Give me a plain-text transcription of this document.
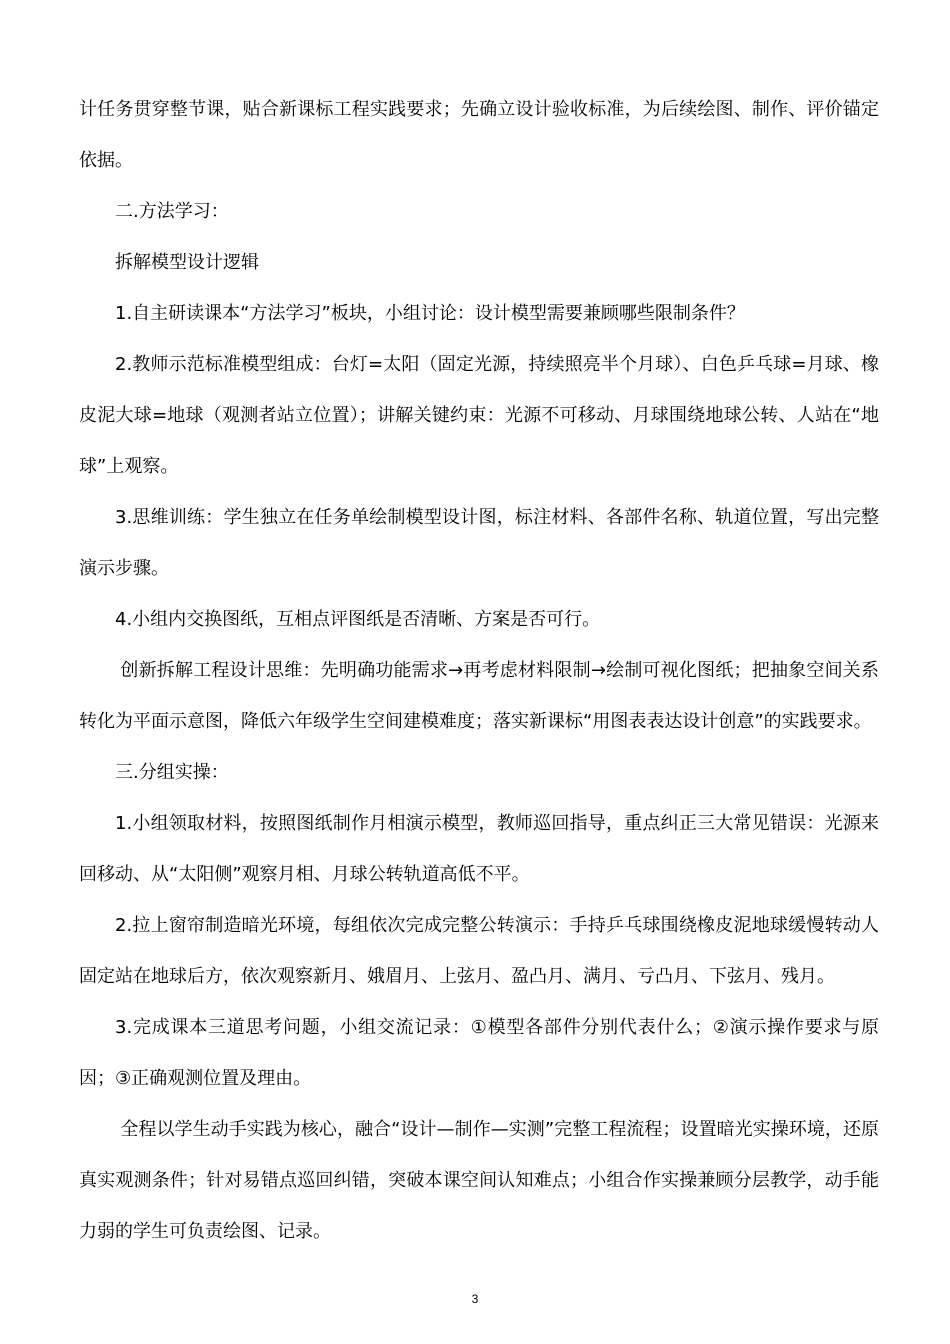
计任务贯穿整节课，贴合新课标工程实践要求；先确立设计验收标准，为后续绘图、制作、评价锚定依据。

二.方法学习：

拆解模型设计逻辑

1.自主研读课本“方法学习”板块，小组讨论：设计模型需要兼顾哪些限制条件？

2.教师示范标准模型组成：台灯=太阳（固定光源，持续照亮半个月球）、白色乒乓球=月球、橡皮泥大球=地球（观测者站立位置）；讲解关键约束：光源不可移动、月球围绕地球公转、人站在“地球”上观察。

3.思维训练：学生独立在任务单绘制模型设计图，标注材料、各部件名称、轨道位置，写出完整演示步骤。

4.小组内交换图纸，互相点评图纸是否清晰、方案是否可行。

创新拆解工程设计思维：先明确功能需求→再考虑材料限制→绘制可视化图纸；把抽象空间关系转化为平面示意图，降低六年级学生空间建模难度；落实新课标“用图表表达设计创意”的实践要求。

三.分组实操：

1.小组领取材料，按照图纸制作月相演示模型，教师巡回指导，重点纠正三大常见错误：光源来回移动、从“太阳侧”观察月相、月球公转轨道高低不平。

2.拉上窗帘制造暗光环境，每组依次完成完整公转演示：手持乒乓球围绕橡皮泥地球缓慢转动人固定站在地球后方，依次观察新月、娥眉月、上弦月、盈凸月、满月、亏凸月、下弦月、残月。

3.完成课本三道思考问题，小组交流记录：①模型各部件分别代表什么；②演示操作要求与原因；③正确观测位置及理由。

全程以学生动手实践为核心，融合“设计—制作—实测”完整工程流程；设置暗光实操环境，还原真实观测条件；针对易错点巡回纠错，突破本课空间认知难点；小组合作实操兼顾分层教学，动手能力弱的学生可负责绘图、记录。

3
